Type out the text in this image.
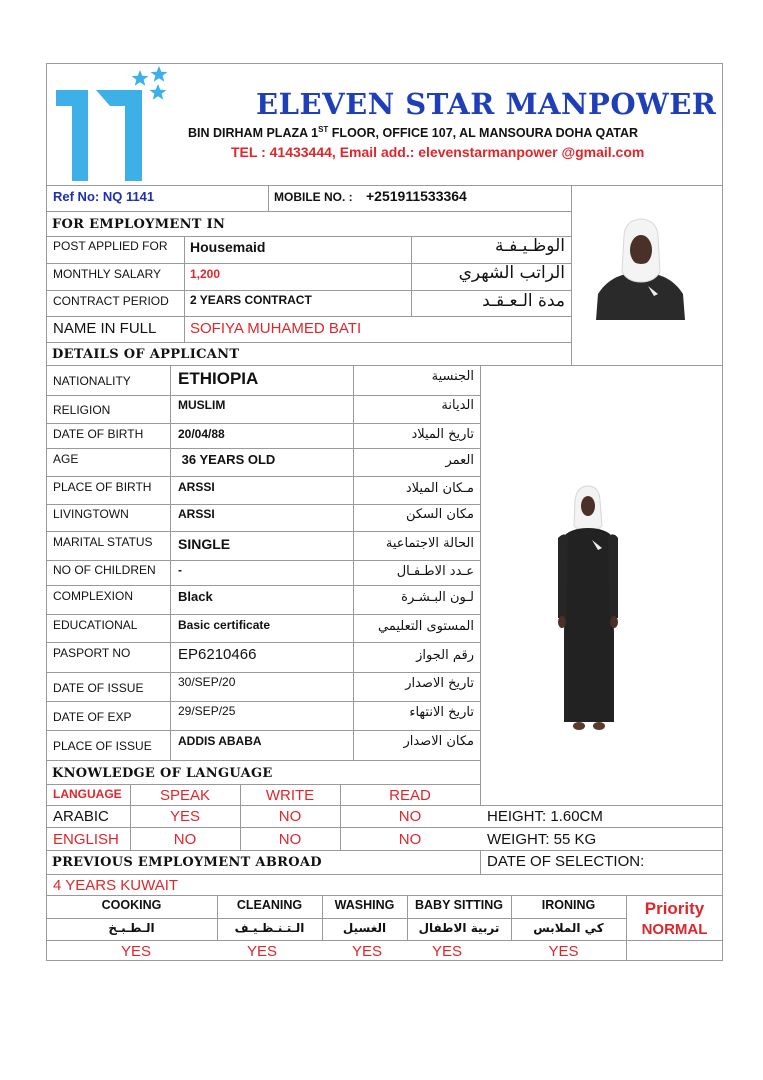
ELEVEN STAR MANPOWER
BIN DIRHAM PLAZA 1ST FLOOR, OFFICE 107, AL MANSOURA DOHA QATAR
TEL : 41433444, Email add.: elevenstarmanpower @gmail.com
Ref No: NQ 1141	MOBILE NO. : +251911533364
FOR EMPLOYMENT IN
POST APPLIED FOR Housemaid	الوظـيـفـة
MONTHLY SALARY 1,200	الراتب الشهري
CONTRACT PERIOD 2 YEARS CONTRACT	مدة الـعـقـد
NAME IN FULL SOFIYA MUHAMED BATI
DETAILS OF APPLICANT
NATIONALITY	ETHIOPIA	الجنسية
RELIGION	MUSLIM	الديانة
DATE OF BIRTH	20/04/88	تاريخ الميلاد
AGE	36 YEARS OLD	العمر
PLACE OF BIRTH ARSSI	مـكان الميلاد
LIVINGTOWN	ARSSI	مكان السكن
MARITAL STATUS SINGLE	الحالة الاجتماعية
NO OF CHILDREN -	عـدد الاطـفـال
COMPLEXION	Black	لـون البـشـرة
EDUCATIONAL	Basic certificate	المستوى التعليمي
PASPORT NO	EP6210466	رقم الجواز
DATE OF ISSUE	30/SEP/20	تاريخ الاصدار
DATE OF EXP	29/SEP/25	تاريخ الانتهاء
PLACE OF ISSUE ADDIS ABABA	مكان الاصدار
KNOWLEDGE OF LANGUAGE
LANGUAGE	SPEAK	WRITE	READ
ARABIC	YES	NO	NO
ENGLISH	NO	NO	NO
HEIGHT: 1.60CM
WEIGHT: 55 KG
DATE OF SELECTION:
PREVIOUS EMPLOYMENT ABROAD
4 YEARS KUWAIT
COOKING	CLEANING	WASHING	BABY SITTING	IRONING
الـطـبـخ	الـتـنـظـيـف	الغسيل	تربية الاطفال	كي الملابس
YES	YES	YES	YES	YES
Priority
NORMAL
